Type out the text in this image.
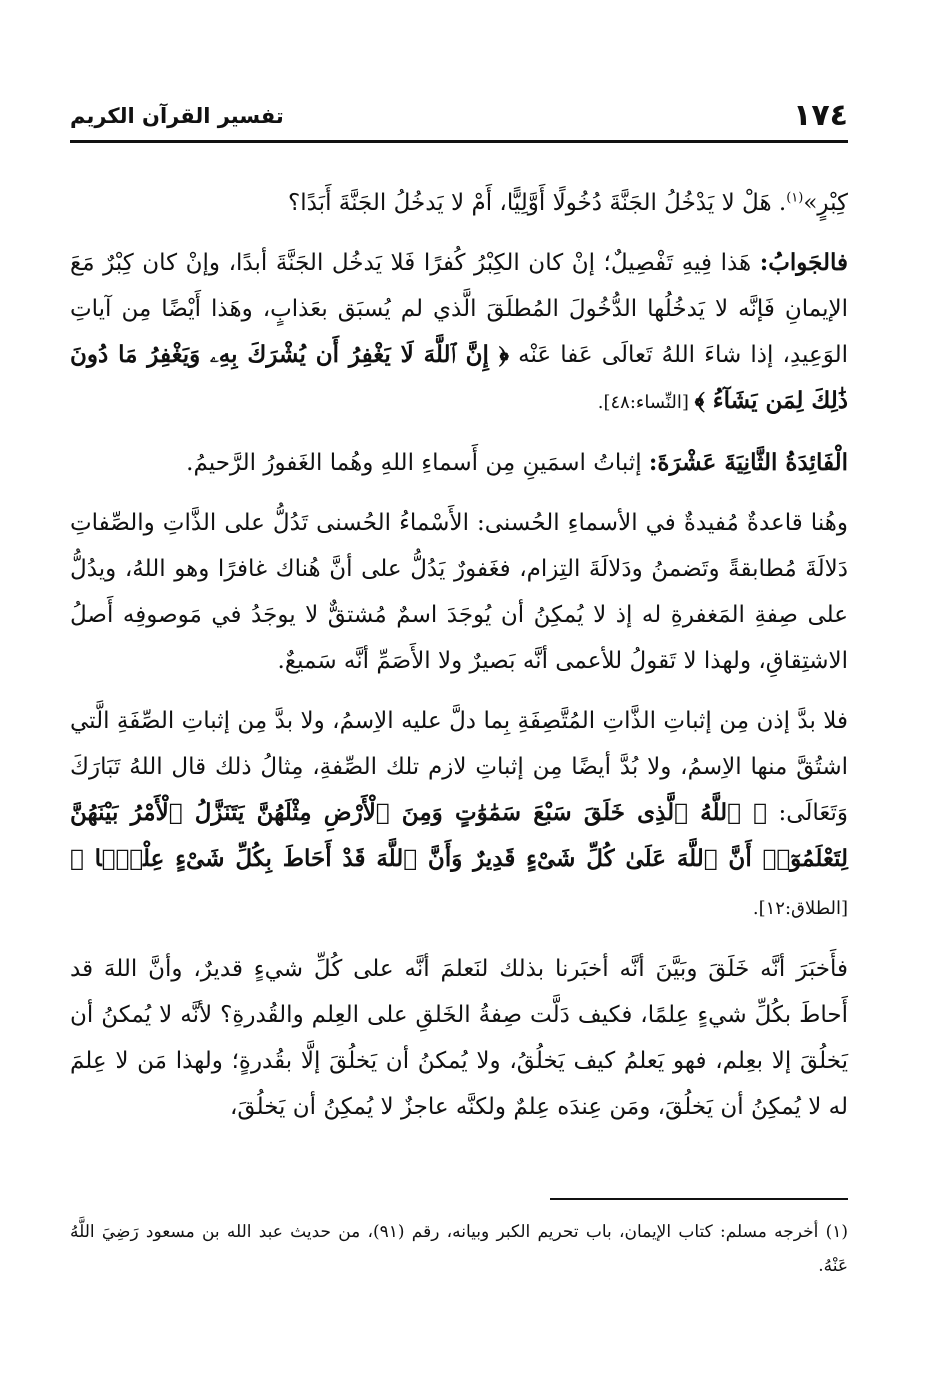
١٧٤
تفسير القرآن الكريم

كِبْرٍ»$^{(١)}$. هَلْ لا يَدْخُلُ الجَنَّةَ دُخُولًا أَوَّلِيًّا، أَمْ لا يَدخُلُ الجَنَّةَ أَبَدًا؟

فالجَوابُ: هَذا فِيهِ تَفْصِيلٌ؛ إنْ كان الكِبْرُ كُفرًا فَلا يَدخُل الجَنَّةَ أبدًا، وإنْ كان كِبْرٌ مَعَ الإيمانِ فَإنَّه لا يَدخُلُها الدُّخُولَ المُطلَقَ الَّذي لم يُسبَق بعَذابٍ، وهَذا أَيْضًا مِن آياتِ الوَعِيدِ، إذا شاءَ اللهُ تَعالَى عَفا عَنْه ﴿ إِنَّ ٱللَّهَ لَا يَغْفِرُ أَن يُشْرَكَ بِهِۦ وَيَغْفِرُ مَا دُونَ ذَٰلِكَ لِمَن يَشَآءُ ﴾ [النِّساء:٤٨].

الْفَائِدَةُ الثَّانِيَةَ عَشْرَةَ: إثباتُ اسمَينِ مِن أَسماءِ اللهِ وهُما الغَفورُ الرَّحيمُ.

وهُنا قاعدةٌ مُفيدةٌ في الأسماءِ الحُسنى: الأَسْماءُ الحُسنى تَدُلُّ على الذَّاتِ والصِّفاتِ دَلالَةَ مُطابقةً وتَضمنُ ودَلالَةَ التِزام، فغَفورٌ يَدُلُّ على أنَّ هُناك غافرًا وهو اللهُ، ويدُلُّ على صِفةِ المَغفرةِ له إذ لا يُمكِنُ أن يُوجَدَ اسمٌ مُشتقٌّ لا يوجَدُ في مَوصوفِه أَصلُ الاشتِقاقِ، ولهذا لا تَقولُ للأعمى أنَّه بَصيرٌ ولا الأَصَمِّ أنَّه سَميعٌ.

فلا بدَّ إذن مِن إثباتِ الذَّاتِ المُتَّصِفَةِ بِما دلَّ عليه الاِسمُ، ولا بدَّ مِن إثباتِ الصِّفَةِ الَّتي اشتُقَّ منها الاِسمُ، ولا بُدَّ أيضًا مِن إثباتِ لازم تلك الصِّفةِ، مِثالُ ذلك قال اللهُ تَبَارَكَ وَتَعَالَى: ﴿ ٱللَّهُ ٱلَّذِى خَلَقَ سَبْعَ سَمَٰوَٰتٍ وَمِنَ ٱلْأَرْضِ مِثْلَهُنَّ يَتَنَزَّلُ ٱلْأَمْرُ بَيْنَهُنَّ لِتَعْلَمُوٓا۟ أَنَّ ٱللَّهَ عَلَىٰ كُلِّ شَىْءٍ قَدِيرٌ وَأَنَّ ٱللَّهَ قَدْ أَحَاطَ بِكُلِّ شَىْءٍ عِلْمًۢا ﴾ [الطلاق:١٢].

فأَخبَرَ أنَّه خَلَقَ وبَيَّنَ أنَّه أخبَرنا بذلك لنَعلمَ أنَّه على كُلِّ شيءٍ قديرٌ، وأنَّ اللهَ قد أَحاطَ بكُلِّ شيءٍ عِلمًا، فكيف دَلَّت صِفةُ الخَلقِ على العِلم والقُدرةِ؟ لأنَّه لا يُمكنُ أن يَخلُقَ إلا بعِلم، فهو يَعلمُ كيف يَخلُقُ، ولا يُمكنُ أن يَخلُقَ إلَّا بقُدرةٍ؛ ولهذا مَن لا عِلمَ له لا يُمكِنُ أن يَخلُقَ، ومَن عِندَه عِلمٌ ولكنَّه عاجزٌ لا يُمكِنُ أن يَخلُقَ،

(١) أخرجه مسلم: كتاب الإيمان، باب تحريم الكبر وبيانه، رقم (٩١)، من حديث عبد الله بن مسعود رَضِيَ اللَّهُ عَنْهُ.
